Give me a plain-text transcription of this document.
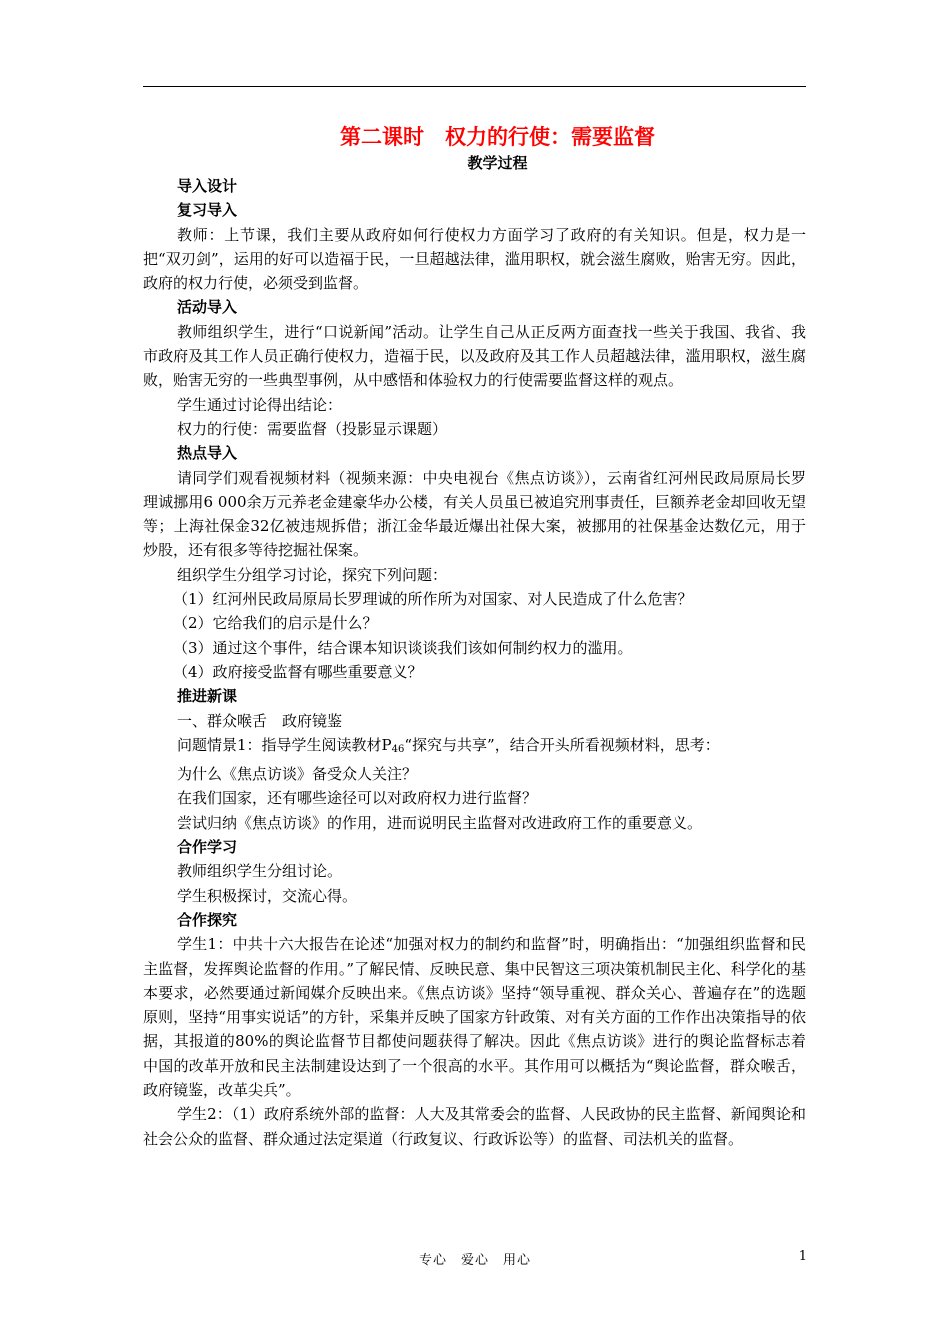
第二课时　权力的行使：需要监督
教学过程
导入设计
复习导入

教师：上节课，我们主要从政府如何行使权力方面学习了政府的有关知识。但是，权力是一把“双刃剑”，运用的好可以造福于民，一旦超越法律，滥用职权，就会滋生腐败，贻害无穷。因此，政府的权力行使，必须受到监督。

活动导入

教师组织学生，进行“口说新闻”活动。让学生自己从正反两方面查找一些关于我国、我省、我市政府及其工作人员正确行使权力，造福于民，以及政府及其工作人员超越法律，滥用职权，滋生腐败，贻害无穷的一些典型事例，从中感悟和体验权力的行使需要监督这样的观点。

学生通过讨论得出结论：

权力的行使：需要监督（投影显示课题）

热点导入

请同学们观看视频材料（视频来源：中央电视台《焦点访谈》），云南省红河州民政局原局长罗理诚挪用6 000余万元养老金建豪华办公楼，有关人员虽已被追究刑事责任，巨额养老金却回收无望等；上海社保金32亿被违规拆借；浙江金华最近爆出社保大案，被挪用的社保基金达数亿元，用于炒股，还有很多等待挖掘社保案。

组织学生分组学习讨论，探究下列问题：

（1）红河州民政局原局长罗理诚的所作所为对国家、对人民造成了什么危害？

（2）它给我们的启示是什么？

（3）通过这个事件，结合课本知识谈谈我们该如何制约权力的滥用。

（4）政府接受监督有哪些重要意义？

推进新课

一、群众喉舌　政府镜鉴

问题情景1：指导学生阅读教材$P_{46}“$探究与共享”，结合开头所看视频材料，思考：

为什么《焦点访谈》备受众人关注？

在我们国家，还有哪些途径可以对政府权力进行监督？

尝试归纳《焦点访谈》的作用，进而说明民主监督对改进政府工作的重要意义。

合作学习

教师组织学生分组讨论。

学生积极探讨，交流心得。

合作探究

学生1：中共十六大报告在论述“加强对权力的制约和监督”时，明确指出：“加强组织监督和民主监督，发挥舆论监督的作用。”了解民情、反映民意、集中民智这三项决策机制民主化、科学化的基本要求，必然要通过新闻媒介反映出来。《焦点访谈》坚持“领导重视、群众关心、普遍存在”的选题原则，坚持“用事实说话”的方针，采集并反映了国家方针政策、对有关方面的工作作出决策指导的依据，其报道的80%的舆论监督节目都使问题获得了解决。因此《焦点访谈》进行的舆论监督标志着中国的改革开放和民主法制建设达到了一个很高的水平。其作用可以概括为“舆论监督，群众喉舌，政府镜鉴，改革尖兵”。

学生2：（1）政府系统外部的监督：人大及其常委会的监督、人民政协的民主监督、新闻舆论和社会公众的监督、群众通过法定渠道（行政复议、行政诉讼等）的监督、司法机关的监督。

专心　爱心　用心	1
